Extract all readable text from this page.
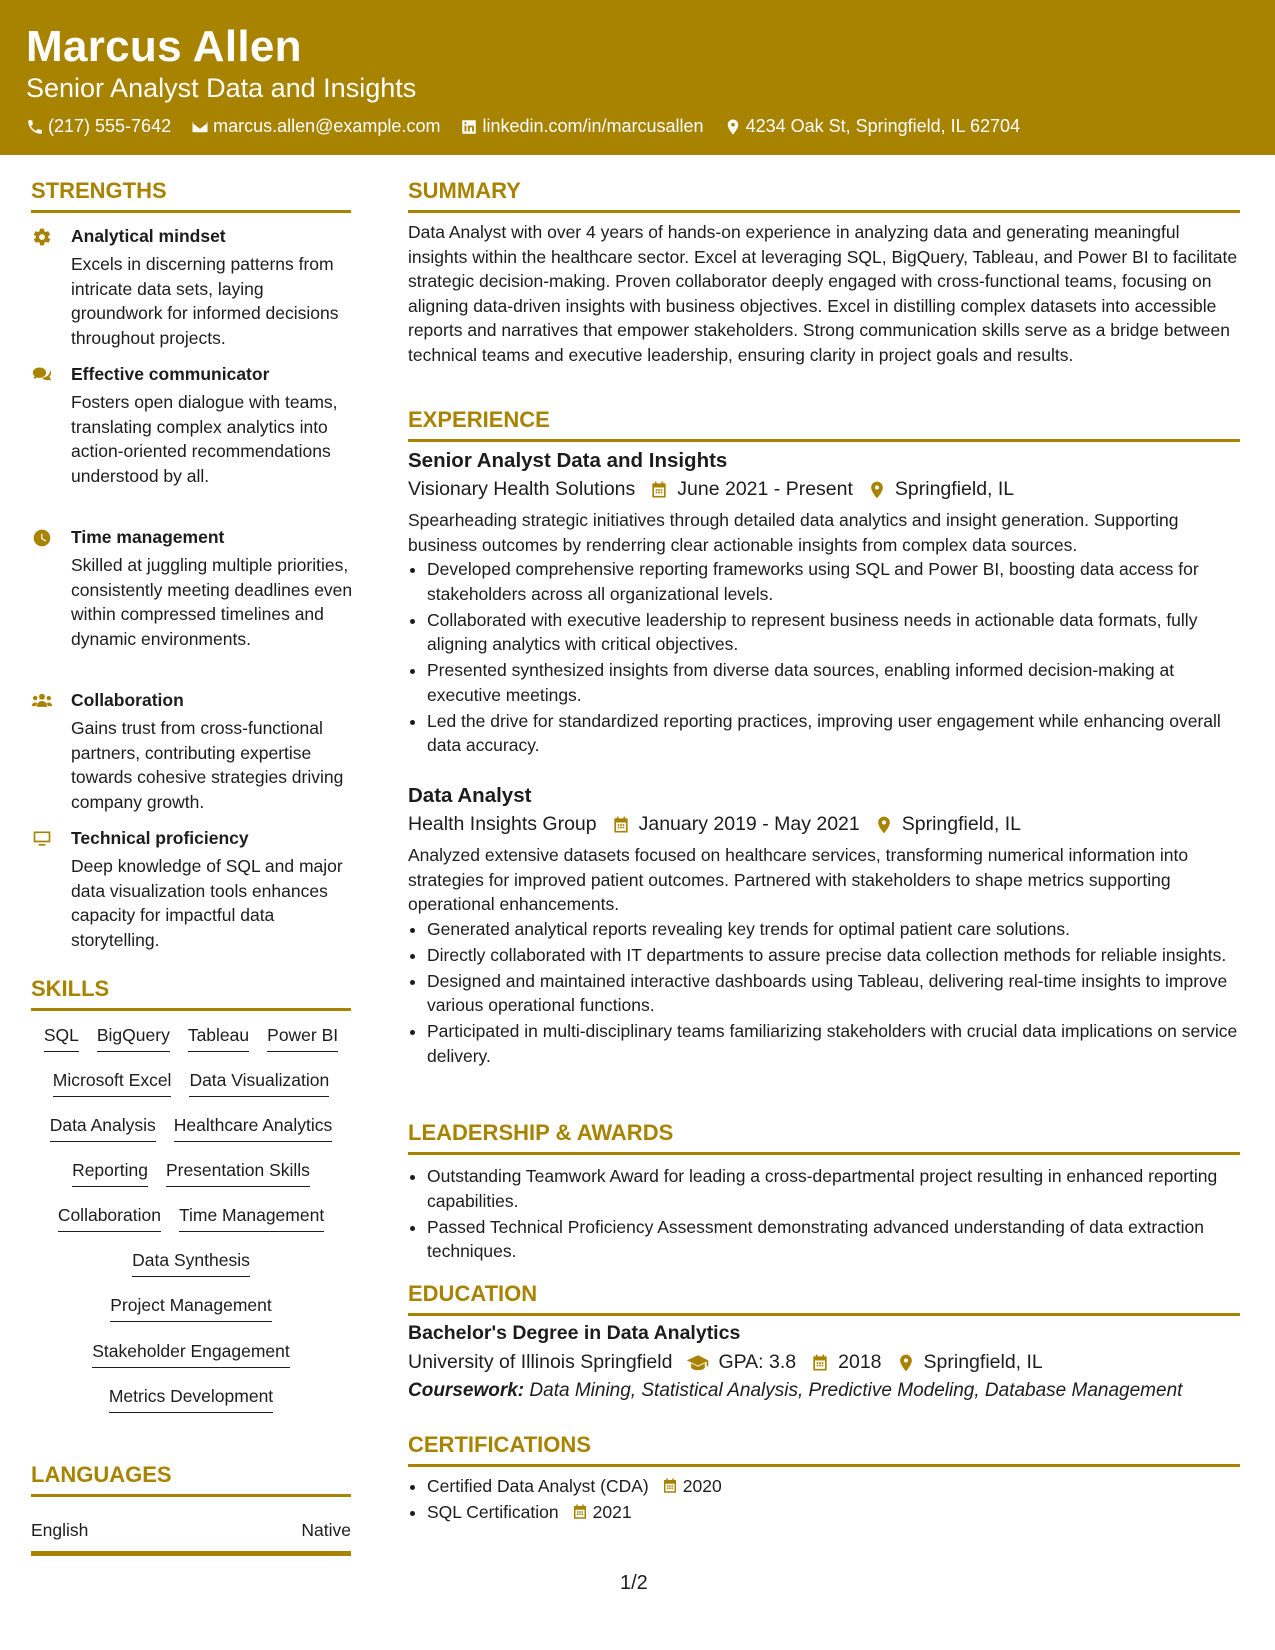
Marcus Allen
Senior Analyst Data and Insights
(217) 555-7642 marcus.allen@example.com linkedin.com/in/marcusallen 4234 Oak St, Springfield, IL 62704
STRENGTHS
Analytical mindset
Excels in discerning patterns from intricate data sets, laying groundwork for informed decisions throughout projects.
Effective communicator
Fosters open dialogue with teams, translating complex analytics into action-oriented recommendations understood by all.
Time management
Skilled at juggling multiple priorities, consistently meeting deadlines even within compressed timelines and dynamic environments.
Collaboration
Gains trust from cross-functional partners, contributing expertise towards cohesive strategies driving company growth.
Technical proficiency
Deep knowledge of SQL and major data visualization tools enhances capacity for impactful data storytelling.
SKILLS
SQL BigQuery Tableau Power BI
Microsoft Excel Data Visualization
Data Analysis Healthcare Analytics
Reporting Presentation Skills
Collaboration Time Management
Data Synthesis
Project Management
Stakeholder Engagement
Metrics Development
LANGUAGES
English	Native
SUMMARY
Data Analyst with over 4 years of hands-on experience in analyzing data and generating meaningful insights within the healthcare sector. Excel at leveraging SQL, BigQuery, Tableau, and Power BI to facilitate strategic decision-making. Proven collaborator deeply engaged with cross-functional teams, focusing on aligning data-driven insights with business objectives. Excel in distilling complex datasets into accessible reports and narratives that empower stakeholders. Strong communication skills serve as a bridge between technical teams and executive leadership, ensuring clarity in project goals and results.
EXPERIENCE
Senior Analyst Data and Insights
Visionary Health Solutions June 2021 - Present Springfield, IL
Spearheading strategic initiatives through detailed data analytics and insight generation. Supporting business outcomes by renderring clear actionable insights from complex data sources.
• Developed comprehensive reporting frameworks using SQL and Power BI, boosting data access for stakeholders across all organizational levels.
• Collaborated with executive leadership to represent business needs in actionable data formats, fully aligning analytics with critical objectives.
• Presented synthesized insights from diverse data sources, enabling informed decision-making at executive meetings.
• Led the drive for standardized reporting practices, improving user engagement while enhancing overall data accuracy.
Data Analyst
Health Insights Group January 2019 - May 2021 Springfield, IL
Analyzed extensive datasets focused on healthcare services, transforming numerical information into strategies for improved patient outcomes. Partnered with stakeholders to shape metrics supporting operational enhancements.
• Generated analytical reports revealing key trends for optimal patient care solutions.
• Directly collaborated with IT departments to assure precise data collection methods for reliable insights.
• Designed and maintained interactive dashboards using Tableau, delivering real-time insights to improve various operational functions.
• Participated in multi-disciplinary teams familiarizing stakeholders with crucial data implications on service delivery.
LEADERSHIP & AWARDS
• Outstanding Teamwork Award for leading a cross-departmental project resulting in enhanced reporting capabilities.
• Passed Technical Proficiency Assessment demonstrating advanced understanding of data extraction techniques.
EDUCATION
Bachelor's Degree in Data Analytics
University of Illinois Springfield GPA: 3.8 2018 Springfield, IL
Coursework: Data Mining, Statistical Analysis, Predictive Modeling, Database Management
CERTIFICATIONS
• Certified Data Analyst (CDA) 2020
• SQL Certification 2021
1/2
